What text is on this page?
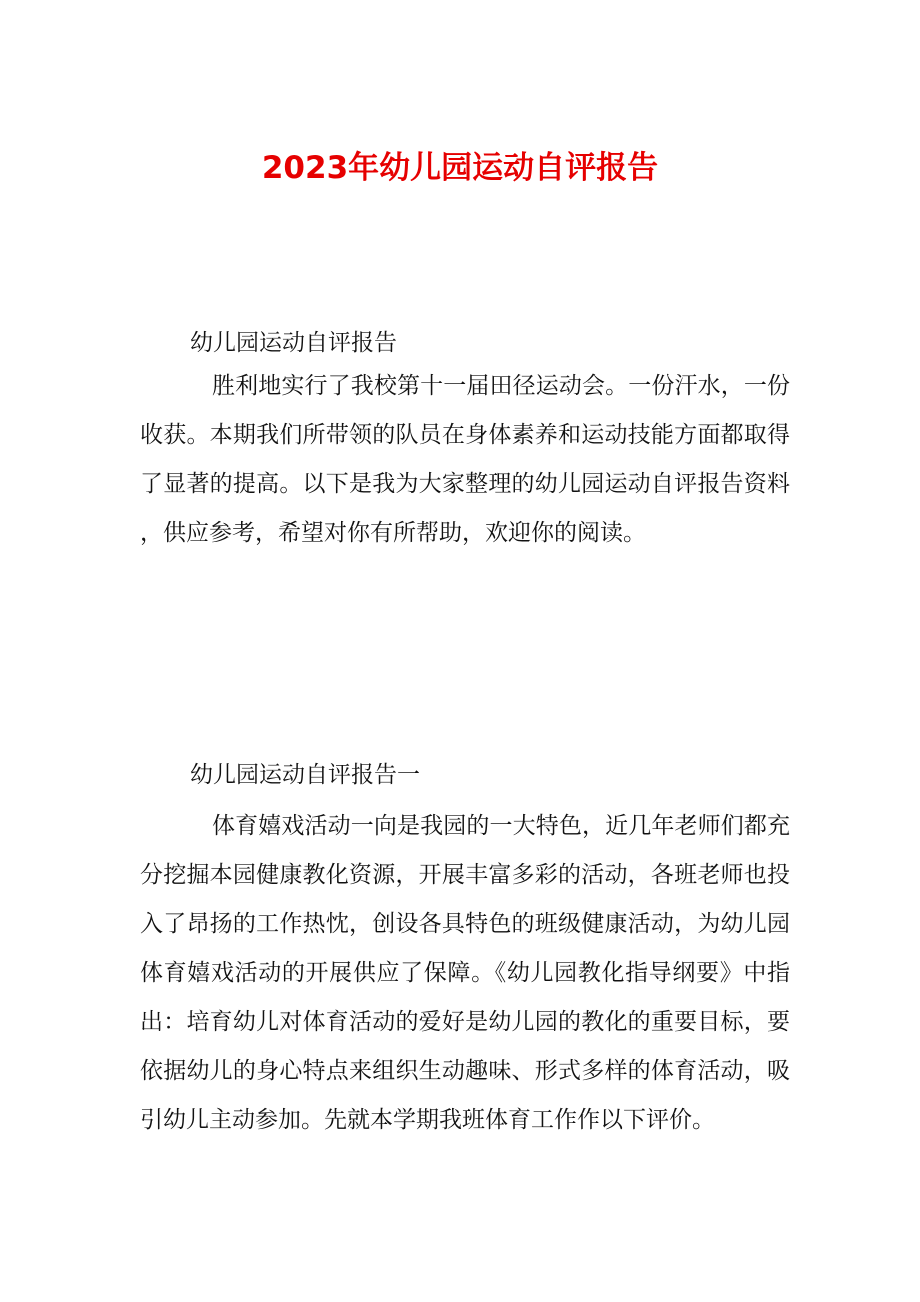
2023年幼儿园运动自评报告
幼儿园运动自评报告
胜利地实行了我校第十一届田径运动会。一份汗水，一份收获。本期我们所带领的队员在身体素养和运动技能方面都取得了显著的提高。以下是我为大家整理的幼儿园运动自评报告资料，供应参考，希望对你有所帮助，欢迎你的阅读。
幼儿园运动自评报告一
体育嬉戏活动一向是我园的一大特色，近几年老师们都充分挖掘本园健康教化资源，开展丰富多彩的活动，各班老师也投入了昂扬的工作热忱，创设各具特色的班级健康活动，为幼儿园体育嬉戏活动的开展供应了保障。《幼儿园教化指导纲要》中指出：培育幼儿对体育活动的爱好是幼儿园的教化的重要目标，要依据幼儿的身心特点来组织生动趣味、形式多样的体育活动，吸引幼儿主动参加。先就本学期我班体育工作作以下评价。
